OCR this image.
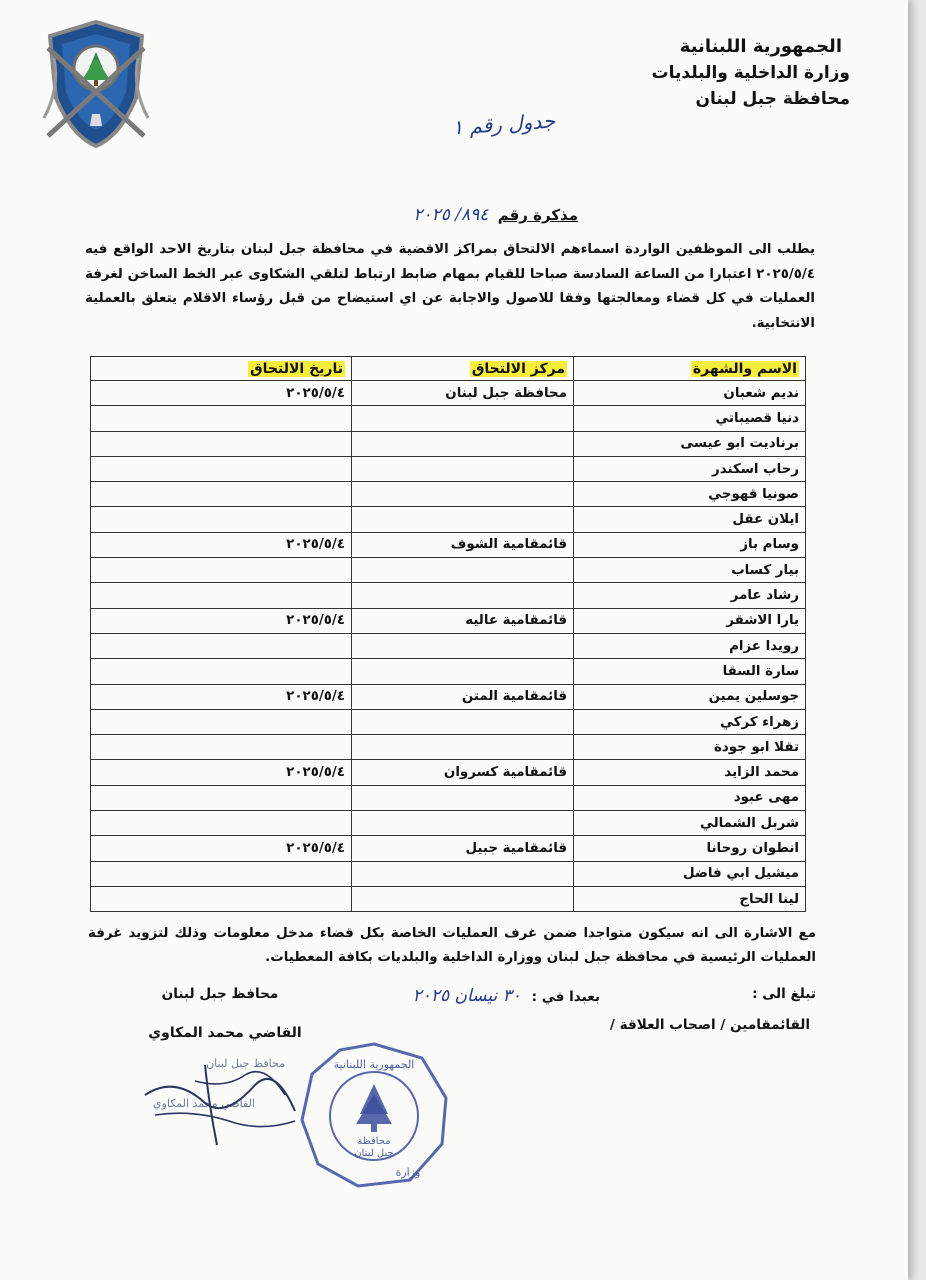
الجمهورية اللبنانية
وزارة الداخلية والبلديات
محافظة جبل لبنان
جدول رقم ١
مذكرة رقم ٨٩٤/ ٢٠٢٥
يطلب الى الموظفين الواردة اسماءهم الالتحاق بمراكز الاقضية في محافظة جبل لبنان بتاريخ الاحد الواقع فيه ٢٠٢٥/٥/٤ اعتبارا من الساعة السادسة صباحا للقيام بمهام ضابط ارتباط لتلقي الشكاوى عبر الخط الساخن لغرفة العمليات في كل قضاء ومعالجتها وفقا للاصول والاجابة عن اي استيضاح من قبل رؤساء الاقلام يتعلق بالعملية الانتخابية.
الاسم والشهرة	مركز الالتحاق	تاريخ الالتحاق
نديم شعبان	محافظة جبل لبنان	٢٠٢٥/٥/٤
دنيا قصيباتي		
برناديت ابو عيسى		
رحاب اسكندر		
صونيا قهوجي		
ايلان عقل		
وسام باز	قائمقامية الشوف	٢٠٢٥/٥/٤
بيار كساب		
رشاد عامر		
يارا الاشقر	قائمقامية عاليه	٢٠٢٥/٥/٤
رويدا عزام		
سارة السقا		
جوسلين يمين	قائمقامية المتن	٢٠٢٥/٥/٤
زهراء كركي		
تقلا ابو جودة		
محمد الزايد	قائمقامية كسروان	٢٠٢٥/٥/٤
مهى عبود		
شربل الشمالي		
انطوان روحانا	قائمقامية جبيل	٢٠٢٥/٥/٤
ميشيل ابي فاضل		
لينا الحاج		
مع الاشارة الى انه سيكون متواجدا ضمن غرف العمليات الخاصة بكل قضاء مدخل معلومات وذلك لتزويد غرفة العمليات الرئيسية في محافظة جبل لبنان ووزارة الداخلية والبلديات بكافة المعطيات.
تبلغ الى :
بعبدا في : ٣٠ نيسان ٢٠٢٥
محافظ جبل لبنان
القائمقامين / اصحاب العلاقة /
القاضي محمد المكاوي
محافظ جبل لبنان
القاضي محمد المكاوي
محافظة
جبل لبنان
الجمهورية اللبنانية
وزارة
